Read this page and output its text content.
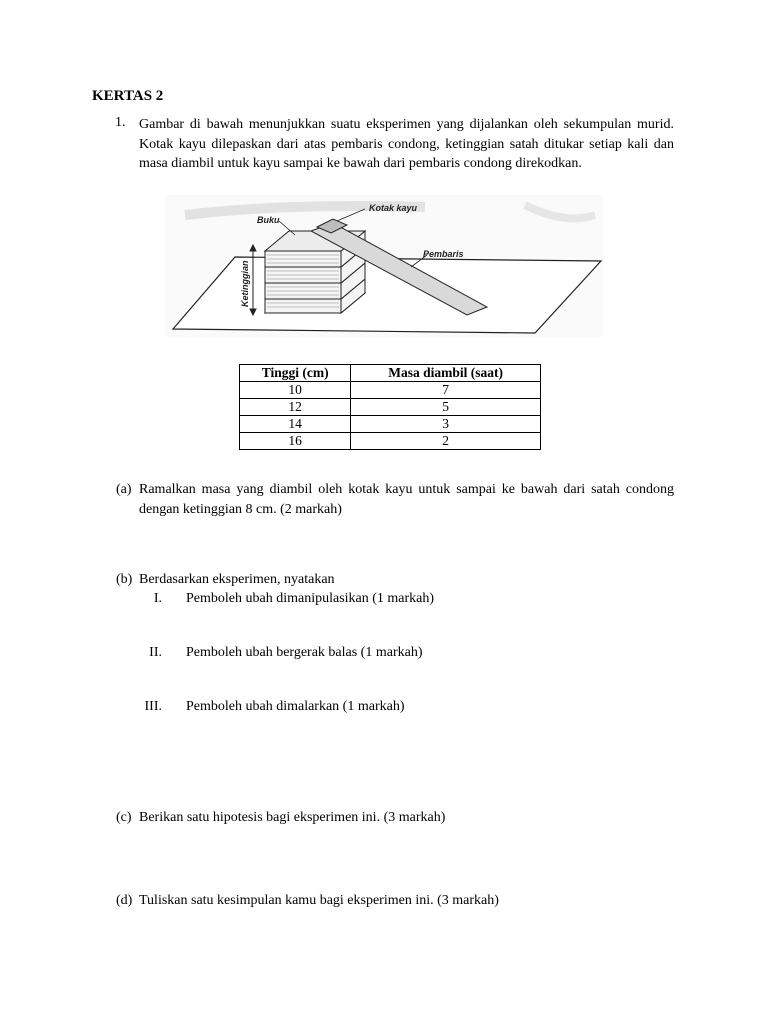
KERTAS 2
1. Gambar di bawah menunjukkan suatu eksperimen yang dijalankan oleh sekumpulan murid. Kotak kayu dilepaskan dari atas pembaris condong, ketinggian satah ditukar setiap kali dan masa diambil untuk kayu sampai ke bawah dari pembaris condong direkodkan.
Kotak kayu
Buku
Pembaris
Ketinggian
Tinggi (cm)	Masa diambil (saat)
10	7
12	5
14	3
16	2
(a) Ramalkan masa yang diambil oleh kotak kayu untuk sampai ke bawah dari satah condong dengan ketinggian 8 cm. (2 markah)
(b) Berdasarkan eksperimen, nyatakan
I. Pemboleh ubah dimanipulasikan (1 markah)
II. Pemboleh ubah bergerak balas (1 markah)
III. Pemboleh ubah dimalarkan (1 markah)
(c) Berikan satu hipotesis bagi eksperimen ini. (3 markah)
(d) Tuliskan satu kesimpulan kamu bagi eksperimen ini. (3 markah)
